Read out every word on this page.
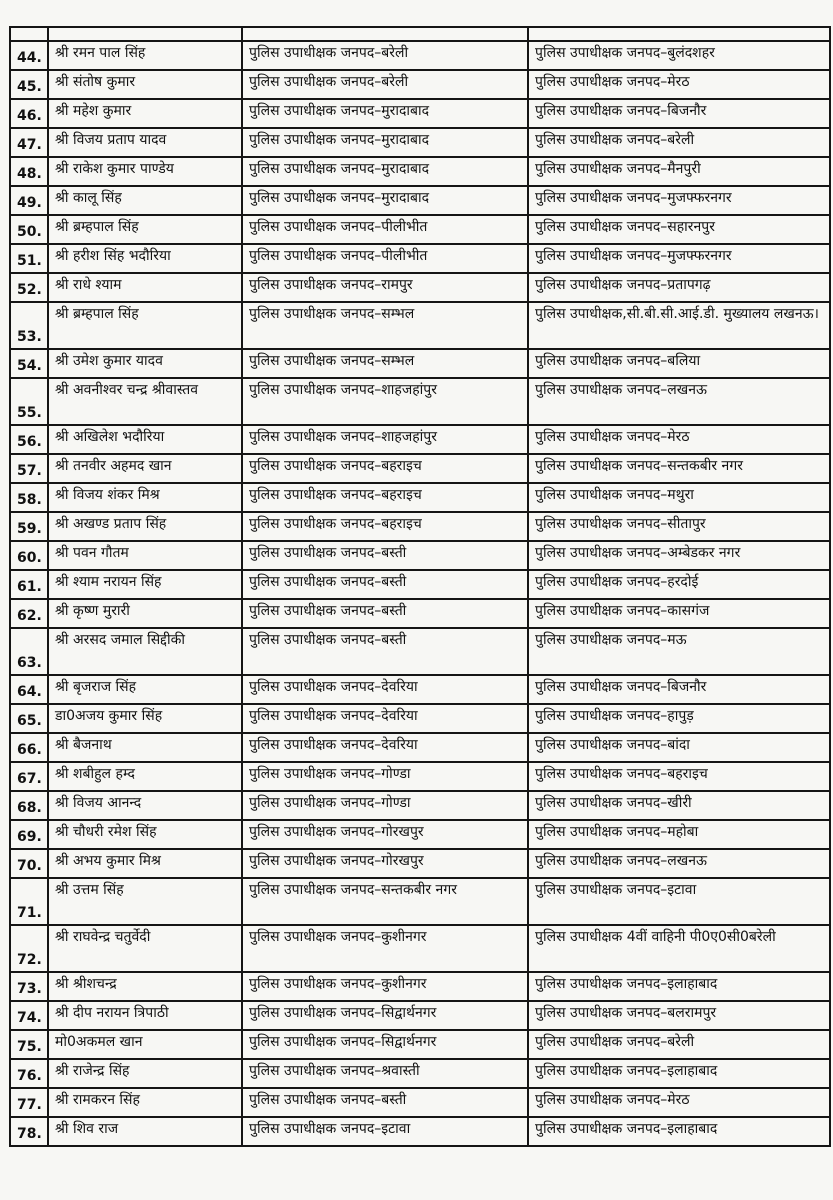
44.	श्री रमन पाल सिंह	पुलिस उपाधीक्षक जनपद–बरेली	पुलिस उपाधीक्षक जनपद–बुलंदशहर
45.	श्री संतोष कुमार	पुलिस उपाधीक्षक जनपद–बरेली	पुलिस उपाधीक्षक जनपद–मेरठ
46.	श्री महेश कुमार	पुलिस उपाधीक्षक जनपद–मुरादाबाद	पुलिस उपाधीक्षक जनपद–बिजनौर
47.	श्री विजय प्रताप यादव	पुलिस उपाधीक्षक जनपद–मुरादाबाद	पुलिस उपाधीक्षक जनपद–बरेली
48.	श्री राकेश कुमार पाण्डेय	पुलिस उपाधीक्षक जनपद–मुरादाबाद	पुलिस उपाधीक्षक जनपद–मैनपुरी
49.	श्री कालू सिंह	पुलिस उपाधीक्षक जनपद–मुरादाबाद	पुलिस उपाधीक्षक जनपद–मुजफ्फरनगर
50.	श्री ब्रम्हपाल सिंह	पुलिस उपाधीक्षक जनपद–पीलीभीत	पुलिस उपाधीक्षक जनपद–सहारनपुर
51.	श्री हरीश सिंह भदौरिया	पुलिस उपाधीक्षक जनपद–पीलीभीत	पुलिस उपाधीक्षक जनपद–मुजफ्फरनगर
52.	श्री राधे श्याम	पुलिस उपाधीक्षक जनपद–रामपुर	पुलिस उपाधीक्षक जनपद–प्रतापगढ़
53.	श्री ब्रम्हपाल सिंह	पुलिस उपाधीक्षक जनपद–सम्भल	पुलिस उपाधीक्षक,सी.बी.सी.आई.डी. मुख्यालय लखनऊ।
54.	श्री उमेश कुमार यादव	पुलिस उपाधीक्षक जनपद–सम्भल	पुलिस उपाधीक्षक जनपद–बलिया
55.	श्री अवनीश्वर चन्द्र श्रीवास्तव	पुलिस उपाधीक्षक जनपद–शाहजहांपुर	पुलिस उपाधीक्षक जनपद–लखनऊ
56.	श्री अखिलेश भदौरिया	पुलिस उपाधीक्षक जनपद–शाहजहांपुर	पुलिस उपाधीक्षक जनपद–मेरठ
57.	श्री तनवीर अहमद खान	पुलिस उपाधीक्षक जनपद–बहराइच	पुलिस उपाधीक्षक जनपद–सन्तकबीर नगर
58.	श्री विजय शंकर मिश्र	पुलिस उपाधीक्षक जनपद–बहराइच	पुलिस उपाधीक्षक जनपद–मथुरा
59.	श्री अखण्ड प्रताप सिंह	पुलिस उपाधीक्षक जनपद–बहराइच	पुलिस उपाधीक्षक जनपद–सीतापुर
60.	श्री पवन गौतम	पुलिस उपाधीक्षक जनपद–बस्ती	पुलिस उपाधीक्षक जनपद–अम्बेडकर नगर
61.	श्री श्याम नरायन सिंह	पुलिस उपाधीक्षक जनपद–बस्ती	पुलिस उपाधीक्षक जनपद–हरदोई
62.	श्री कृष्ण मुरारी	पुलिस उपाधीक्षक जनपद–बस्ती	पुलिस उपाधीक्षक जनपद–कासगंज
63.	श्री अरसद जमाल सिद्दीकी	पुलिस उपाधीक्षक जनपद–बस्ती	पुलिस उपाधीक्षक जनपद–मऊ
64.	श्री बृजराज सिंह	पुलिस उपाधीक्षक जनपद–देवरिया	पुलिस उपाधीक्षक जनपद–बिजनौर
65.	डा0अजय कुमार सिंह	पुलिस उपाधीक्षक जनपद–देवरिया	पुलिस उपाधीक्षक जनपद–हापुड़
66.	श्री बैजनाथ	पुलिस उपाधीक्षक जनपद–देवरिया	पुलिस उपाधीक्षक जनपद–बांदा
67.	श्री शबीहुल हम्द	पुलिस उपाधीक्षक जनपद–गोण्डा	पुलिस उपाधीक्षक जनपद–बहराइच
68.	श्री विजय आनन्द	पुलिस उपाधीक्षक जनपद–गोण्डा	पुलिस उपाधीक्षक जनपद–खीरी
69.	श्री चौधरी रमेश सिंह	पुलिस उपाधीक्षक जनपद–गोरखपुर	पुलिस उपाधीक्षक जनपद–महोबा
70.	श्री अभय कुमार मिश्र	पुलिस उपाधीक्षक जनपद–गोरखपुर	पुलिस उपाधीक्षक जनपद–लखनऊ
71.	श्री उत्तम सिंह	पुलिस उपाधीक्षक जनपद–सन्तकबीर नगर	पुलिस उपाधीक्षक जनपद–इटावा
72.	श्री राघवेन्द्र चतुर्वेदी	पुलिस उपाधीक्षक जनपद–कुशीनगर	पुलिस उपाधीक्षक 4वीं वाहिनी पी0ए0सी0बरेली
73.	श्री श्रीशचन्द्र	पुलिस उपाधीक्षक जनपद–कुशीनगर	पुलिस उपाधीक्षक जनपद–इलाहाबाद
74.	श्री दीप नरायन त्रिपाठी	पुलिस उपाधीक्षक जनपद–सिद्वार्थनगर	पुलिस उपाधीक्षक जनपद–बलरामपुर
75.	मो0अकमल खान	पुलिस उपाधीक्षक जनपद–सिद्वार्थनगर	पुलिस उपाधीक्षक जनपद–बरेली
76.	श्री राजेन्द्र सिंह	पुलिस उपाधीक्षक जनपद–श्रवास्ती	पुलिस उपाधीक्षक जनपद–इलाहाबाद
77.	श्री रामकरन सिंह	पुलिस उपाधीक्षक जनपद–बस्ती	पुलिस उपाधीक्षक जनपद–मेरठ
78.	श्री शिव राज	पुलिस उपाधीक्षक जनपद–इटावा	पुलिस उपाधीक्षक जनपद–इलाहाबाद
